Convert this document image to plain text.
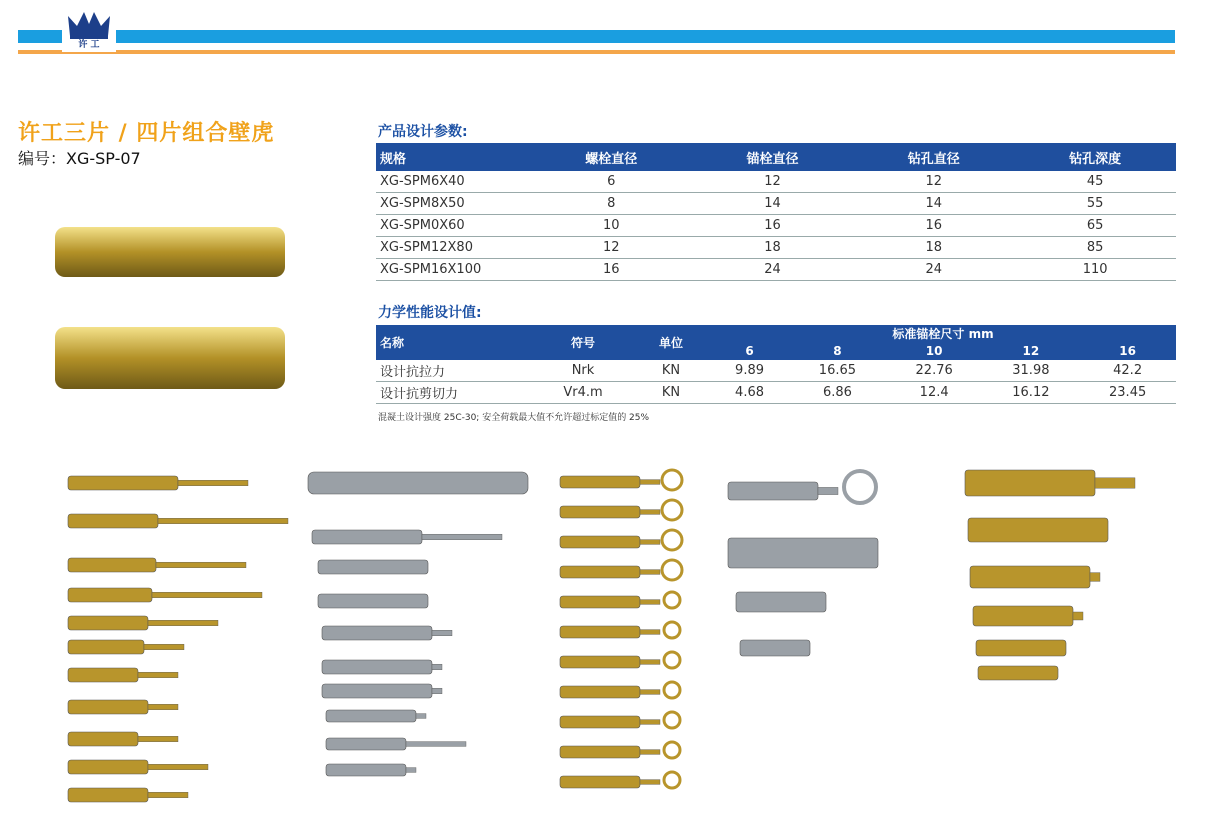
许 工
许工三片 / 四片组合壁虎
编号：XG-SP-07
产品设计参数:
规格	螺栓直径	锚栓直径	钻孔直径	钻孔深度
XG-SPM6X40	6	12	12	45
XG-SPM8X50	8	14	14	55
XG-SPM0X60	10	16	16	65
XG-SPM12X80	12	18	18	85
XG-SPM16X100	16	24	24	110
力学性能设计值:
名称	符号	单位	标准锚栓尺寸 mm				
			6	8	10	12	16
设计抗拉力	Nrk	KN	9.89	16.65	22.76	31.98	42.2
设计抗剪切力	Vr4.m	KN	4.68	6.86	12.4	16.12	23.45
混凝土设计强度 25C-30; 安全荷载最大值不允许超过标定值的 25%
